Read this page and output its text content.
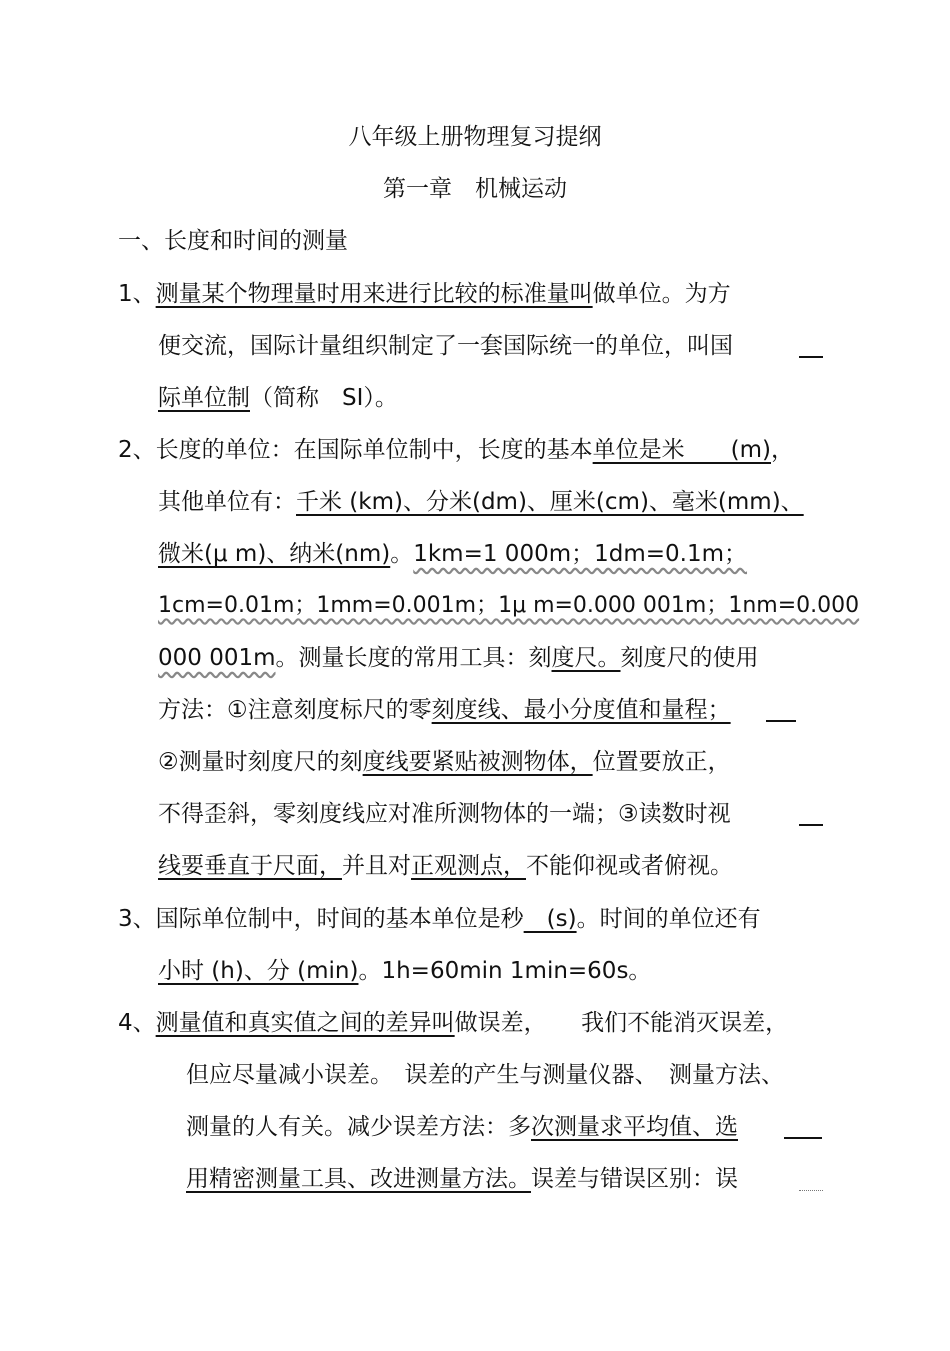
八年级上册物理复习提纲
第一章　机械运动
一、长度和时间的测量
1、测量某个物理量时用来进行比较的标准量叫做单位。为方
便交流，国际计量组织制定了一套国际统一的单位，叫国
际单位制（简称　SI）。
2、长度的单位：在国际单位制中，长度的基本单位是米　　(m)，
其他单位有：千米 (km)、分米(dm)、厘米(cm)、毫米(mm)、
微米(μ m)、纳米(nm)。1km=1 000m；1dm=0.1m；
1cm=0.01m；1mm=0.001m；1μ m=0.000 001m；1nm=0.000
000 001m。测量长度的常用工具：刻度尺。刻度尺的使用
方法：①注意刻度标尺的零刻度线、最小分度值和量程；
②测量时刻度尺的刻度线要紧贴被测物体，位置要放正，
不得歪斜，零刻度线应对准所测物体的一端；③读数时视
线要垂直于尺面，并且对正观测点，不能仰视或者俯视。
3、国际单位制中，时间的基本单位是秒　(s)。时间的单位还有
小时 (h)、分 (min)。1h=60min 1min=60s。
4、测量值和真实值之间的差异叫做误差，　　我们不能消灭误差，
但应尽量减小误差。　误差的产生与测量仪器、　测量方法、
测量的人有关。减少误差方法：多次测量求平均值、选
用精密测量工具、改进测量方法。误差与错误区别：误
